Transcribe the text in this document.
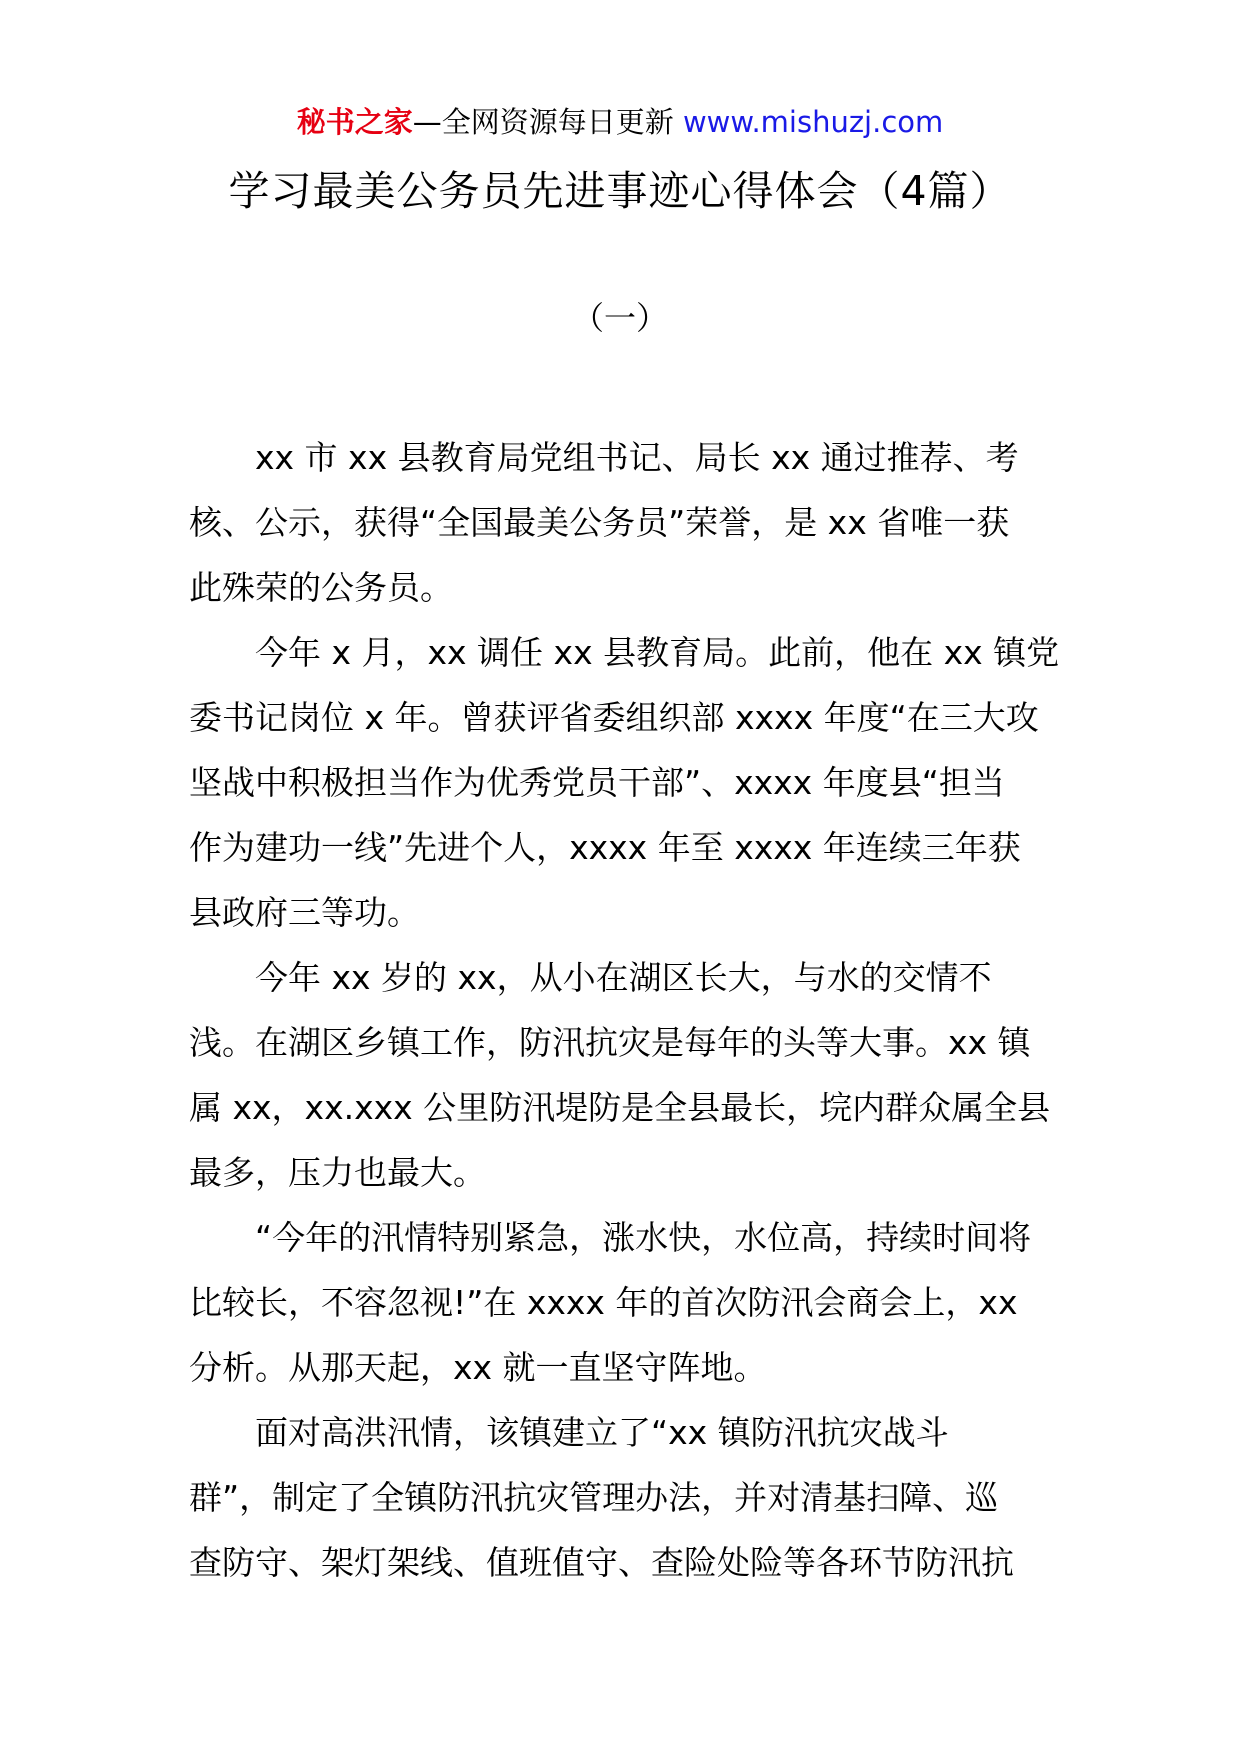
秘书之家—全网资源每日更新 www.mishuzj.com
学习最美公务员先进事迹心得体会（4篇）
（一）
xx 市 xx 县教育局党组书记、局长 xx 通过推荐、考
核、公示，获得“全国最美公务员”荣誉，是 xx 省唯一获
此殊荣的公务员。
今年 x 月，xx 调任 xx 县教育局。此前，他在 xx 镇党
委书记岗位 x 年。曾获评省委组织部 xxxx 年度“在三大攻
坚战中积极担当作为优秀党员干部”、xxxx 年度县“担当
作为建功一线”先进个人，xxxx 年至 xxxx 年连续三年获
县政府三等功。
今年 xx 岁的 xx，从小在湖区长大，与水的交情不
浅。在湖区乡镇工作，防汛抗灾是每年的头等大事。xx 镇
属 xx，xx.xxx 公里防汛堤防是全县最长，垸内群众属全县
最多，压力也最大。
“今年的汛情特别紧急，涨水快，水位高，持续时间将
比较长，不容忽视!”在 xxxx 年的首次防汛会商会上，xx
分析。从那天起，xx 就一直坚守阵地。
面对高洪汛情，该镇建立了“xx 镇防汛抗灾战斗
群”，制定了全镇防汛抗灾管理办法，并对清基扫障、巡
查防守、架灯架线、值班值守、查险处险等各环节防汛抗
